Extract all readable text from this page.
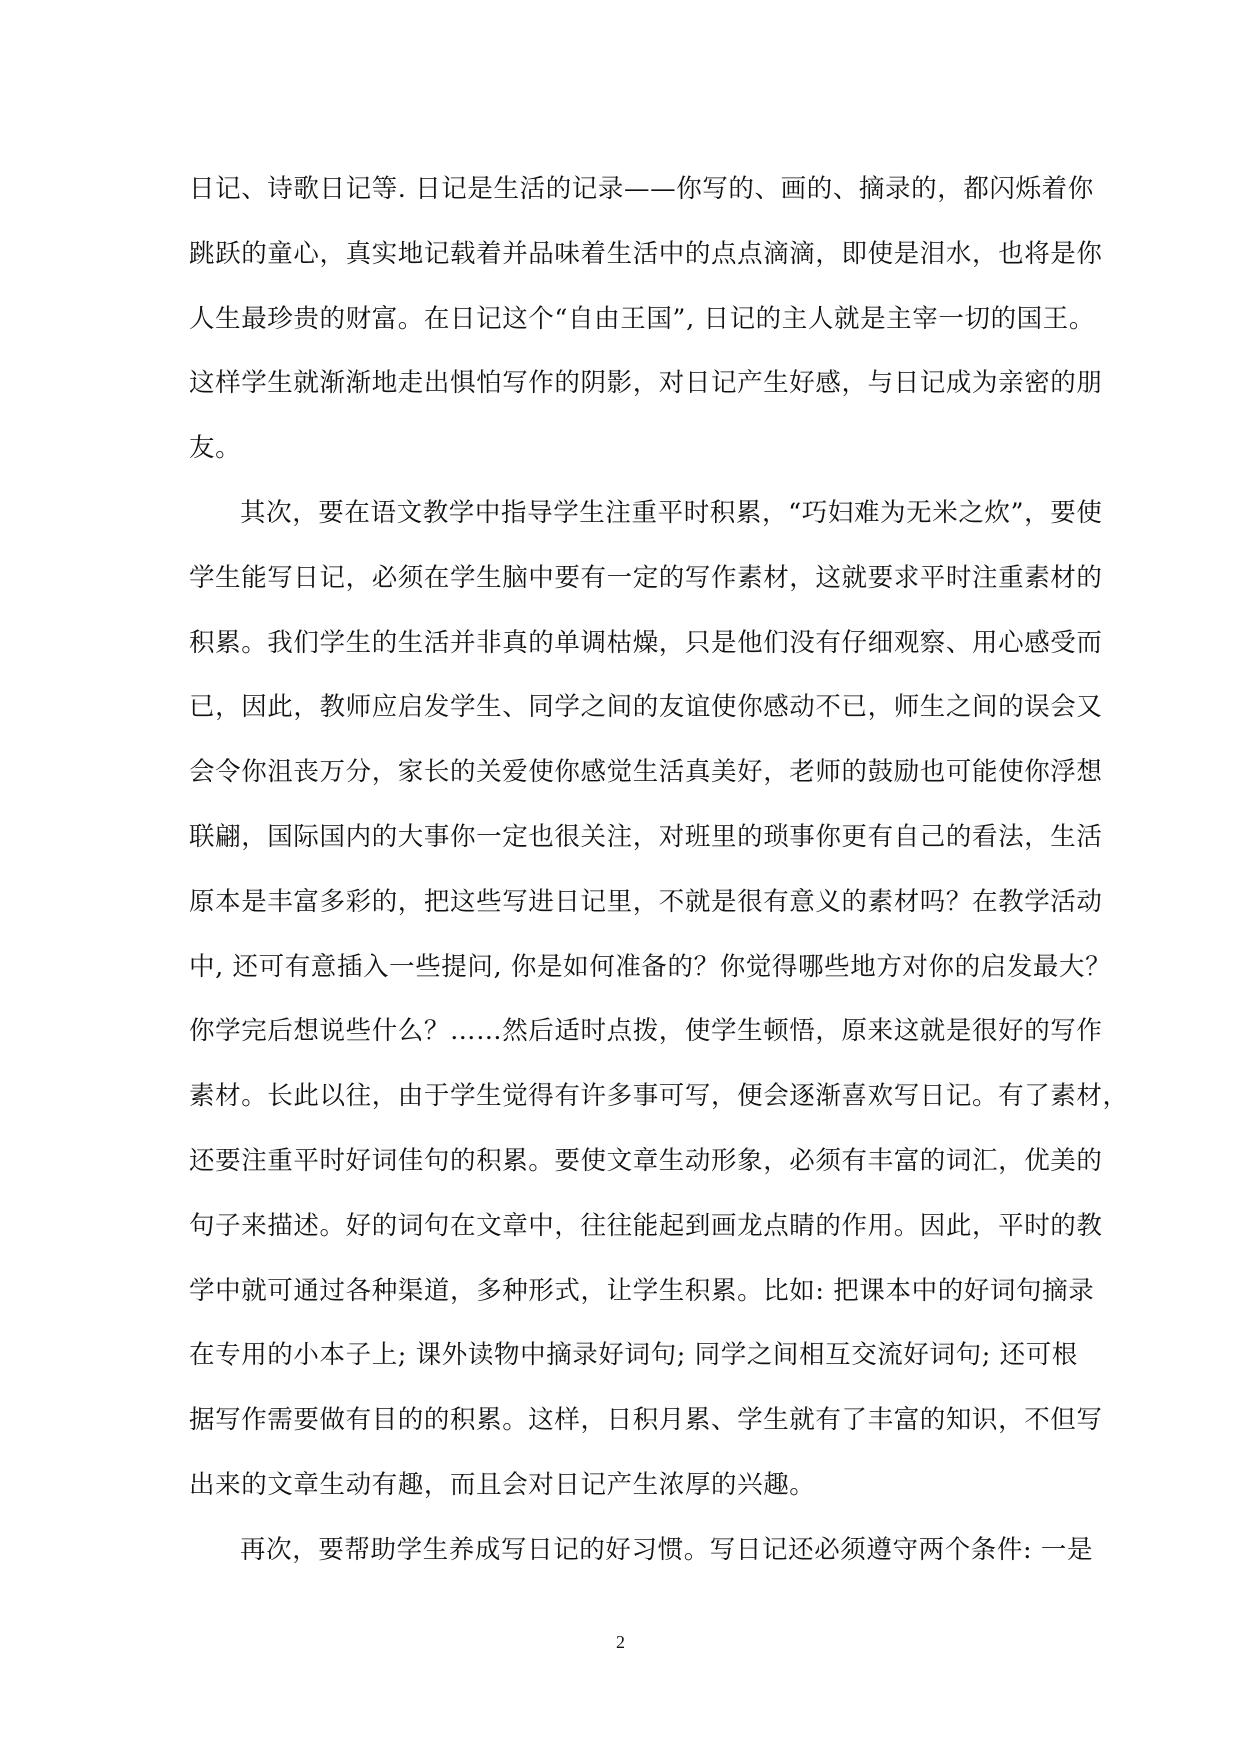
日记、诗歌日记等. 日记是生活的记录——你写的、画的、摘录的，都闪烁着你
跳跃的童心，真实地记载着并品味着生活中的点点滴滴，即使是泪水，也将是你
人生最珍贵的财富。在日记这个“自由王国”, 日记的主人就是主宰一切的国王。
这样学生就渐渐地走出惧怕写作的阴影，对日记产生好感，与日记成为亲密的朋
友。
其次，要在语文教学中指导学生注重平时积累，“巧妇难为无米之炊”，要使
学生能写日记，必须在学生脑中要有一定的写作素材，这就要求平时注重素材的
积累。我们学生的生活并非真的单调枯燥，只是他们没有仔细观察、用心感受而
已，因此，教师应启发学生、同学之间的友谊使你感动不已，师生之间的误会又
会令你沮丧万分，家长的关爱使你感觉生活真美好，老师的鼓励也可能使你浮想
联翩，国际国内的大事你一定也很关注，对班里的琐事你更有自己的看法，生活
原本是丰富多彩的，把这些写进日记里，不就是很有意义的素材吗？在教学活动
中, 还可有意插入一些提问, 你是如何准备的？你觉得哪些地方对你的启发最大？
你学完后想说些什么？……然后适时点拨，使学生顿悟，原来这就是很好的写作
素材。长此以往，由于学生觉得有许多事可写，便会逐渐喜欢写日记。有了素材，
还要注重平时好词佳句的积累。要使文章生动形象，必须有丰富的词汇，优美的
句子来描述。好的词句在文章中，往往能起到画龙点睛的作用。因此，平时的教
学中就可通过各种渠道，多种形式，让学生积累。比如: 把课本中的好词句摘录
在专用的小本子上; 课外读物中摘录好词句; 同学之间相互交流好词句; 还可根
据写作需要做有目的的积累。这样，日积月累、学生就有了丰富的知识，不但写
出来的文章生动有趣，而且会对日记产生浓厚的兴趣。
再次，要帮助学生养成写日记的好习惯。写日记还必须遵守两个条件: 一是
2
